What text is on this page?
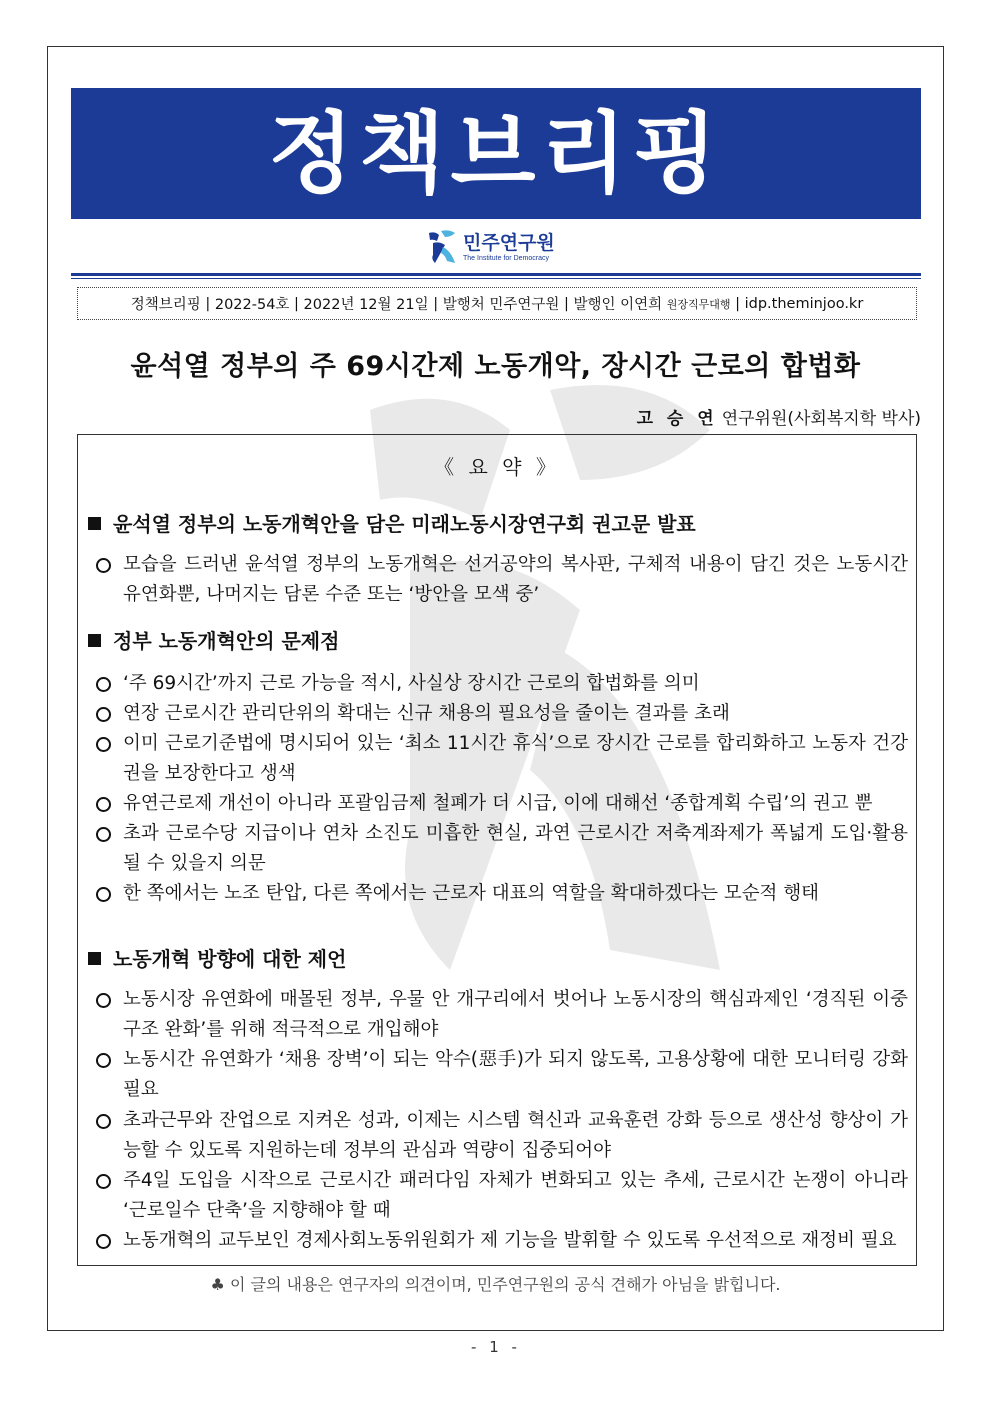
정책브리핑
민주연구원
The Institute for Democracy
정책브리핑 | 2022-54호 | 2022년 12월 21일 | 발행처 민주연구원 | 발행인 이연희
원장직무대행 | idp.theminjoo.kr
윤석열 정부의 주 69시간제 노동개악, 장시간 근로의 합법화
고 승 연 연구위원(사회복지학 박사)
《 요 약 》
윤석열 정부의 노동개혁안을 담은 미래노동시장연구회 권고문 발표
모습을 드러낸 윤석열 정부의 노동개혁은 선거공약의 복사판, 구체적 내용이 담긴 것은 노동시간 유연화뿐, 나머지는 담론 수준 또는 ‘방안을 모색 중’
정부 노동개혁안의 문제점
‘주 69시간’까지 근로 가능을 적시, 사실상 장시간 근로의 합법화를 의미
연장 근로시간 관리단위의 확대는 신규 채용의 필요성을 줄이는 결과를 초래
이미 근로기준법에 명시되어 있는 ‘최소 11시간 휴식’으로 장시간 근로를 합리화하고 노동자 건강권을 보장한다고 생색
유연근로제 개선이 아니라 포괄임금제 철폐가 더 시급, 이에 대해선 ‘종합계획 수립’의 권고 뿐
초과 근로수당 지급이나 연차 소진도 미흡한 현실, 과연 근로시간 저축계좌제가 폭넓게 도입·활용될 수 있을지 의문
한 쪽에서는 노조 탄압, 다른 쪽에서는 근로자 대표의 역할을 확대하겠다는 모순적 행태
노동개혁 방향에 대한 제언
노동시장 유연화에 매몰된 정부, 우물 안 개구리에서 벗어나 노동시장의 핵심과제인 ‘경직된 이중구조 완화’를 위해 적극적으로 개입해야
노동시간 유연화가 ‘채용 장벽’이 되는 악수(惡手)가 되지 않도록, 고용상황에 대한 모니터링 강화 필요
초과근무와 잔업으로 지켜온 성과, 이제는 시스템 혁신과 교육훈련 강화 등으로 생산성 향상이 가능할 수 있도록 지원하는데 정부의 관심과 역량이 집중되어야
주4일 도입을 시작으로 근로시간 패러다임 자체가 변화되고 있는 추세, 근로시간 논쟁이 아니라 ‘근로일수 단축’을 지향해야 할 때
노동개혁의 교두보인 경제사회노동위원회가 제 기능을 발휘할 수 있도록 우선적으로 재정비 필요
♣ 이 글의 내용은 연구자의 의견이며, 민주연구원의 공식 견해가 아님을 밝힙니다.
- 1 -
